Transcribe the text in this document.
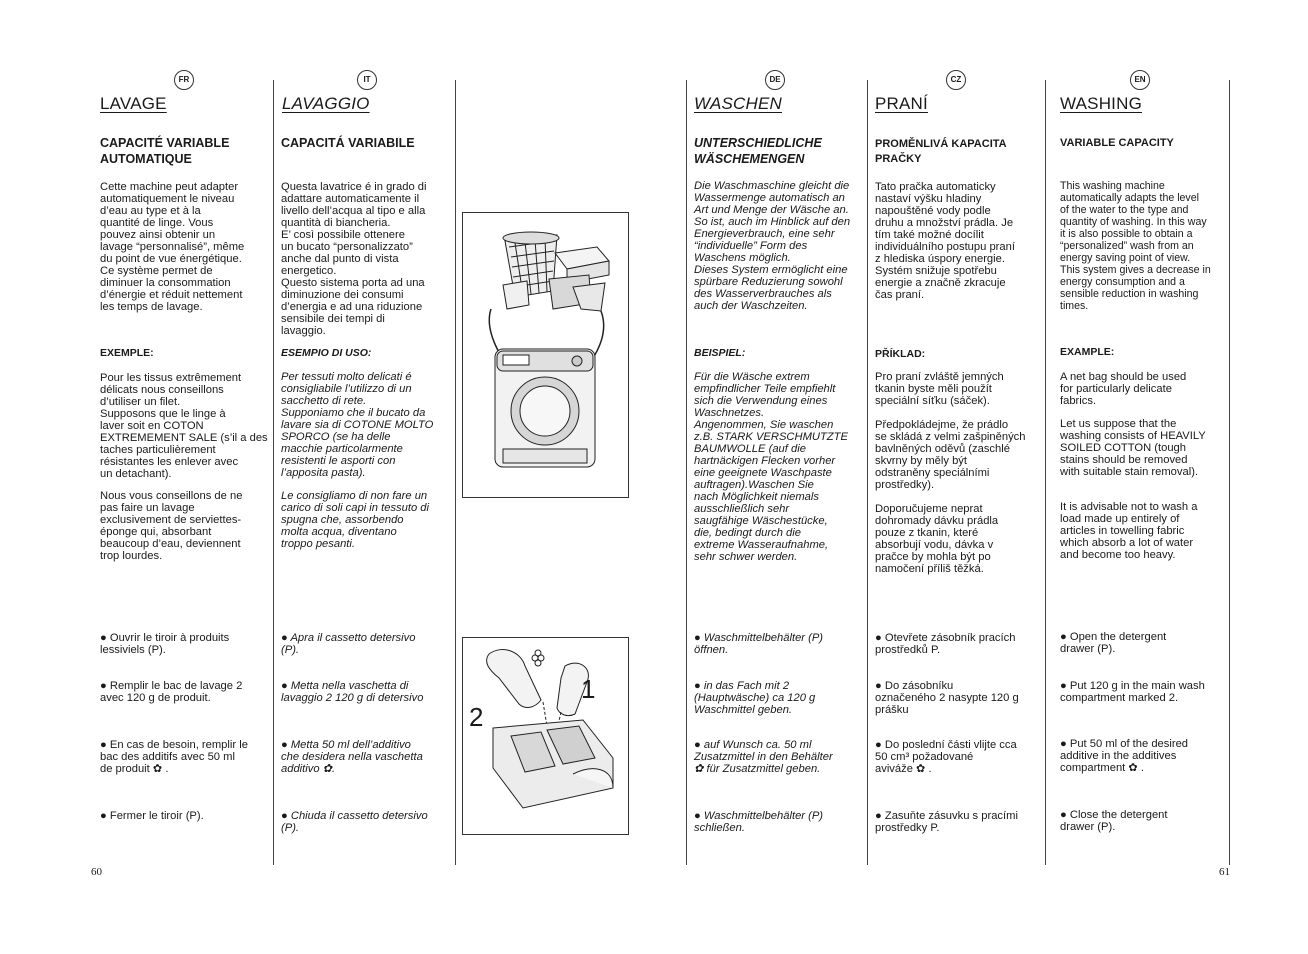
FR	IT	DE	CZ	EN
LAVAGE
CAPACITÉ VARIABLE
AUTOMATIQUE
Cette machine peut adapter
automatiquement le niveau
d’eau au type et à la
quantité de linge. Vous
pouvez ainsi obtenir un
lavage “personnalisé”, même
du point de vue énergétique.
Ce système permet de
diminuer la consommation
d’énergie et réduit nettement
les temps de lavage.
EXEMPLE:
Pour les tissus extrêmement
délicats nous conseillons
d’utiliser un filet.
Supposons que le linge à
laver soit en COTON
EXTREMEMENT SALE (s’il a des
taches particulièrement
résistantes les enlever avec
un detachant).
Nous vous conseillons de ne
pas faire un lavage
exclusivement de serviettes-
éponge qui, absorbant
beaucoup d’eau, deviennent
trop lourdes.
● Ouvrir le tiroir à produits
lessiviels (P).
● Remplir le bac de lavage 2
avec 120 g de produit.
● En cas de besoin, remplir le
bac des additifs avec 50 ml
de produit ✿ .
● Fermer le tiroir (P).
LAVAGGIO
CAPACITÁ VARIABILE
Questa lavatrice é in grado di
adattare automaticamente il
livello dell’acqua al tipo e alla
quantità di biancheria.
E’ così possibile ottenere
un bucato “personalizzato”
anche dal punto di vista
energetico.
Questo sistema porta ad una
diminuzione dei consumi
d’energia e ad una riduzione
sensibile dei tempi di
lavaggio.
ESEMPIO DI USO:
Per tessuti molto delicati é
consigliabile l’utilizzo di un
sacchetto di rete.
Supponiamo che il bucato da
lavare sia di COTONE MOLTO
SPORCO (se ha delle
macchie particolarmente
resistenti le asporti con
l’apposita pasta).
Le consigliamo di non fare un
carico di soli capi in tessuto di
spugna che, assorbendo
molta acqua, diventano
troppo pesanti.
● Apra il cassetto detersivo
(P).
● Metta nella vaschetta di
lavaggio 2 120 g di detersivo
● Metta 50 ml dell’additivo
che desidera nella vaschetta
additivo ✿.
● Chiuda il cassetto detersivo
(P).
1
2
WASCHEN
UNTERSCHIEDLICHE
WÄSCHEMENGEN
Die Waschmaschine gleicht die
Wassermenge automatisch an
Art und Menge der Wäsche an.
So ist, auch im Hinblick auf den
Energieverbrauch, eine sehr
“individuelle” Form des
Waschens möglich.
Dieses System ermöglicht eine
spürbare Reduzierung sowohl
des Wasserverbrauches als
auch der Waschzeiten.
BEISPIEL:
Für die Wäsche extrem
empfindlicher Teile empfiehlt
sich die Verwendung eines
Waschnetzes.
Angenommen, Sie waschen
z.B. STARK VERSCHMUTZTE
BAUMWOLLE (auf die
hartnäckigen Flecken vorher
eine geeignete Waschpaste
auftragen).Waschen Sie
nach Möglichkeit niemals
ausschließlich sehr
saugfähige Wäschestücke,
die, bedingt durch die
extreme Wasseraufnahme,
sehr schwer werden.
● Waschmittelbehälter (P)
öffnen.
● in das Fach mit 2
(Hauptwäsche) ca 120 g
Waschmittel geben.
● auf Wunsch ca. 50 ml
Zusatzmittel in den Behälter
✿ für Zusatzmittel geben.
● Waschmittelbehälter (P)
schließen.
PRANÍ
PROMĚNLIVÁ KAPACITA
PRAČKY
Tato pračka automaticky
nastaví výšku hladiny
napouštěné vody podle
druhu a množství prádla. Je
tím také možné docílit
individuálního postupu praní
z hlediska úspory energie.
Systém snižuje spotřebu
energie a značně zkracuje
čas praní.
PŘÍKLAD:
Pro praní zvláště jemných
tkanin byste měli použít
speciální síťku (sáček).
Předpokládejme, že prádlo
se skládá z velmi zašpiněných
bavlněných oděvů (zaschlé
skvrny by měly být
odstraněny speciálními
prostředky).
Doporučujeme neprat
dohromady dávku prádla
pouze z tkanin, které
absorbují vodu, dávka v
pračce by mohla být po
namočení příliš těžká.
● Otevřete zásobník pracích
prostředků P.
● Do zásobníku
označeného 2 nasypte 120 g
prášku
● Do poslední části vlijte cca
50 cm³ požadované
avivážе ✿ .
● Zasuňte zásuvku s pracími
prostředky P.
WASHING
VARIABLE CAPACITY
This washing machine
automatically adapts the level
of the water to the type and
quantity of washing. In this way
it is also possible to obtain a
“personalized” wash from an
energy saving point of view.
This system gives a decrease in
energy consumption and a
sensible reduction in washing
times.
EXAMPLE:
A net bag should be used
for particularly delicate
fabrics.
Let us suppose that the
washing consists of HEAVILY
SOILED COTTON (tough
stains should be removed
with suitable stain removal).
It is advisable not to wash a
load made up entirely of
articles in towelling fabric
which absorb a lot of water
and become too heavy.
● Open the detergent
drawer (P).
● Put 120 g in the main wash
compartment marked 2.
● Put 50 ml of the desired
additive in the additives
compartment ✿ .
● Close the detergent
drawer (P).
60	61
